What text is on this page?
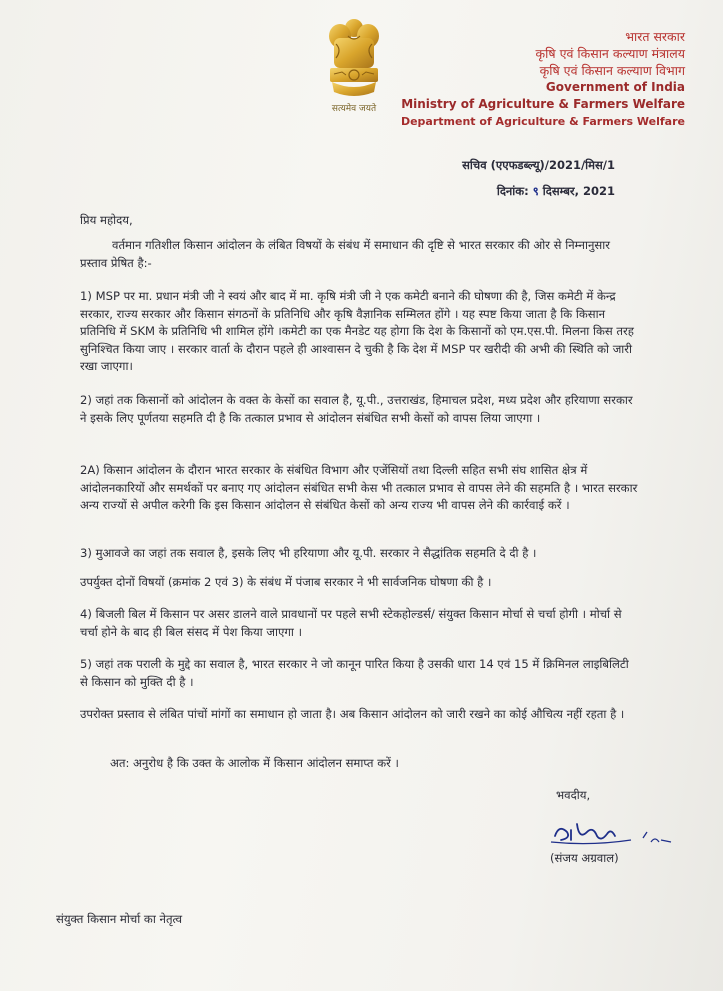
सत्यमेव जयते
भारत सरकार
कृषि एवं किसान कल्याण मंत्रालय
कृषि एवं किसान कल्याण विभाग
Government of India
Ministry of Agriculture & Farmers Welfare
Department of Agriculture & Farmers Welfare
सचिव (एएफडब्ल्यू)/2021/मिस/1
दिनांक: ९ दिसम्बर, 2021
प्रिय महोदय,

वर्तमान गतिशील किसान आंदोलन के लंबित विषयों के संबंध में समाधान की दृष्टि से भारत सरकार की ओर से निम्नानुसार प्रस्ताव प्रेषित है:-

1) MSP पर मा. प्रधान मंत्री जी ने स्वयं और बाद में मा. कृषि मंत्री जी ने एक कमेटी बनाने की घोषणा की है, जिस कमेटी में केन्द्र सरकार, राज्य सरकार और किसान संगठनों के प्रतिनिधि और कृषि वैज्ञानिक सम्मिलत होंगे । यह स्पष्ट किया जाता है कि किसान प्रतिनिधि में SKM के प्रतिनिधि भी शामिल होंगे ।कमेटी का एक मैनडेट यह होगा कि देश के किसानों को एम.एस.पी. मिलना किस तरह सुनिश्चित किया जाए । सरकार वार्ता के दौरान पहले ही आश्वासन दे चुकी है कि देश में MSP पर खरीदी की अभी की स्थिति को जारी रखा जाएगा।

2) जहां तक किसानों को आंदोलन के वक्त के केसों का सवाल है, यू.पी., उत्तराखंड, हिमाचल प्रदेश, मध्य प्रदेश और हरियाणा सरकार ने इसके लिए पूर्णतया सहमति दी है कि तत्काल प्रभाव से आंदोलन संबंधित सभी केसों को वापस लिया जाएगा ।

2A) किसान आंदोलन के दौरान भारत सरकार के संबंधित विभाग और एजेंसियों तथा दिल्ली सहित सभी संघ शासित क्षेत्र में आंदोलनकारियों और समर्थकों पर बनाए गए आंदोलन संबंधित सभी केस भी तत्काल प्रभाव से वापस लेने की सहमति है । भारत सरकार अन्य राज्यों से अपील करेगी कि इस किसान आंदोलन से संबंधित केसों को अन्य राज्य भी वापस लेने की कार्रवाई करें ।

3) मुआवजे का जहां तक सवाल है, इसके लिए भी हरियाणा और यू.पी. सरकार ने सैद्धांतिक सहमति दे दी है ।

उपर्युक्त दोनों विषयों (क्रमांक 2 एवं 3) के संबंध में पंजाब सरकार ने भी सार्वजनिक घोषणा की है ।

4) बिजली बिल में किसान पर असर डालने वाले प्रावधानों पर पहले सभी स्टेकहोल्डर्स/ संयुक्त किसान मोर्चा से चर्चा होगी । मोर्चा से चर्चा होने के बाद ही बिल संसद में पेश किया जाएगा ।

5) जहां तक पराली के मुद्दे का सवाल है, भारत सरकार ने जो कानून पारित किया है उसकी धारा 14 एवं 15 में क्रिमिनल लाइबिलिटी से किसान को मुक्ति दी है ।

उपरोक्त प्रस्ताव से लंबित पांचों मांगों का समाधान हो जाता है। अब किसान आंदोलन को जारी रखने का कोई औचित्य नहीं रहता है ।

अत: अनुरोध है कि उक्त के आलोक में किसान आंदोलन समाप्त करें ।

भवदीय,
(संजय अग्रवाल)
संयुक्त किसान मोर्चा का नेतृत्व
